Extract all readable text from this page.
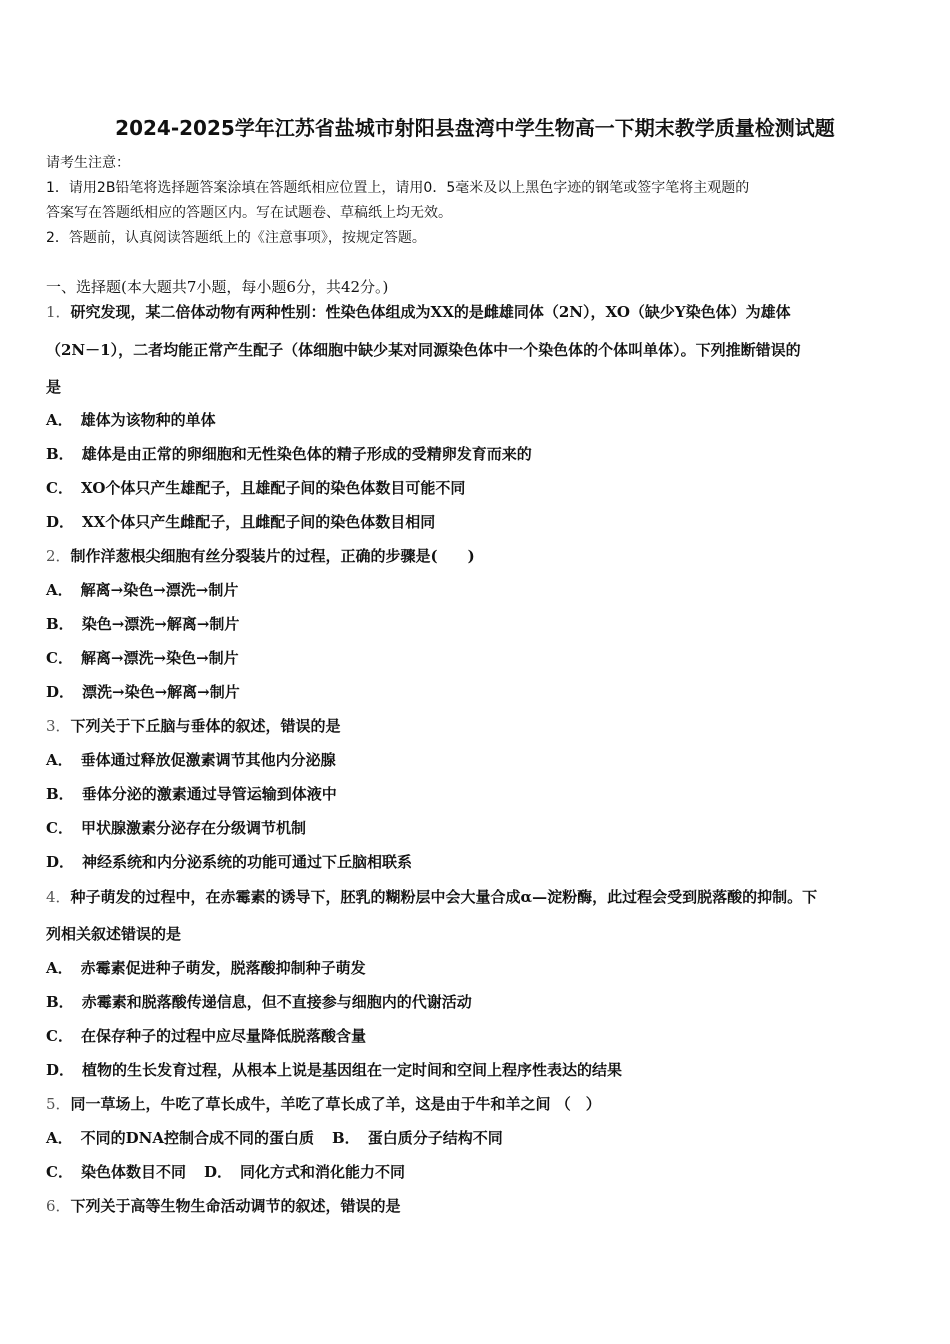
2024-2025学年江苏省盐城市射阳县盘湾中学生物高一下期末教学质量检测试题
请考生注意：
1．请用2B铅笔将选择题答案涂填在答题纸相应位置上，请用0．5毫米及以上黑色字迹的钢笔或签字笔将主观题的
答案写在答题纸相应的答题区内。写在试题卷、草稿纸上均无效。
2．答题前，认真阅读答题纸上的《注意事项》，按规定答题。
一、选择题(本大题共7小题，每小题6分，共42分。)
1．研究发现，某二倍体动物有两种性别：性染色体组成为XX的是雌雄同体（2N），XO（缺少Y染色体）为雄体
（2N－1），二者均能正常产生配子（体细胞中缺少某对同源染色体中一个染色体的个体叫单体）。下列推断错误的
是
A． 雄体为该物种的单体
B． 雄体是由正常的卵细胞和无性染色体的精子形成的受精卵发育而来的
C． XO个体只产生雄配子，且雄配子间的染色体数目可能不同
D． XX个体只产生雌配子，且雌配子间的染色体数目相同
2．制作洋葱根尖细胞有丝分裂装片的过程，正确的步骤是(　　)
A． 解离→染色→漂洗→制片
B． 染色→漂洗→解离→制片
C． 解离→漂洗→染色→制片
D． 漂洗→染色→解离→制片
3．下列关于下丘脑与垂体的叙述，错误的是
A． 垂体通过释放促激素调节其他内分泌腺
B． 垂体分泌的激素通过导管运输到体液中
C． 甲状腺激素分泌存在分级调节机制
D． 神经系统和内分泌系统的功能可通过下丘脑相联系
4．种子萌发的过程中，在赤霉素的诱导下，胚乳的糊粉层中会大量合成α—淀粉酶，此过程会受到脱落酸的抑制。下
列相关叙述错误的是
A． 赤霉素促进种子萌发，脱落酸抑制种子萌发
B． 赤霉素和脱落酸传递信息，但不直接参与细胞内的代谢活动
C． 在保存种子的过程中应尽量降低脱落酸含量
D． 植物的生长发育过程，从根本上说是基因组在一定时间和空间上程序性表达的结果
5．同一草场上，牛吃了草长成牛，羊吃了草长成了羊，这是由于牛和羊之间 （　）
A． 不同的DNA控制合成不同的蛋白质 B． 蛋白质分子结构不同
C． 染色体数目不同 D． 同化方式和消化能力不同
6．下列关于高等生物生命活动调节的叙述，错误的是
